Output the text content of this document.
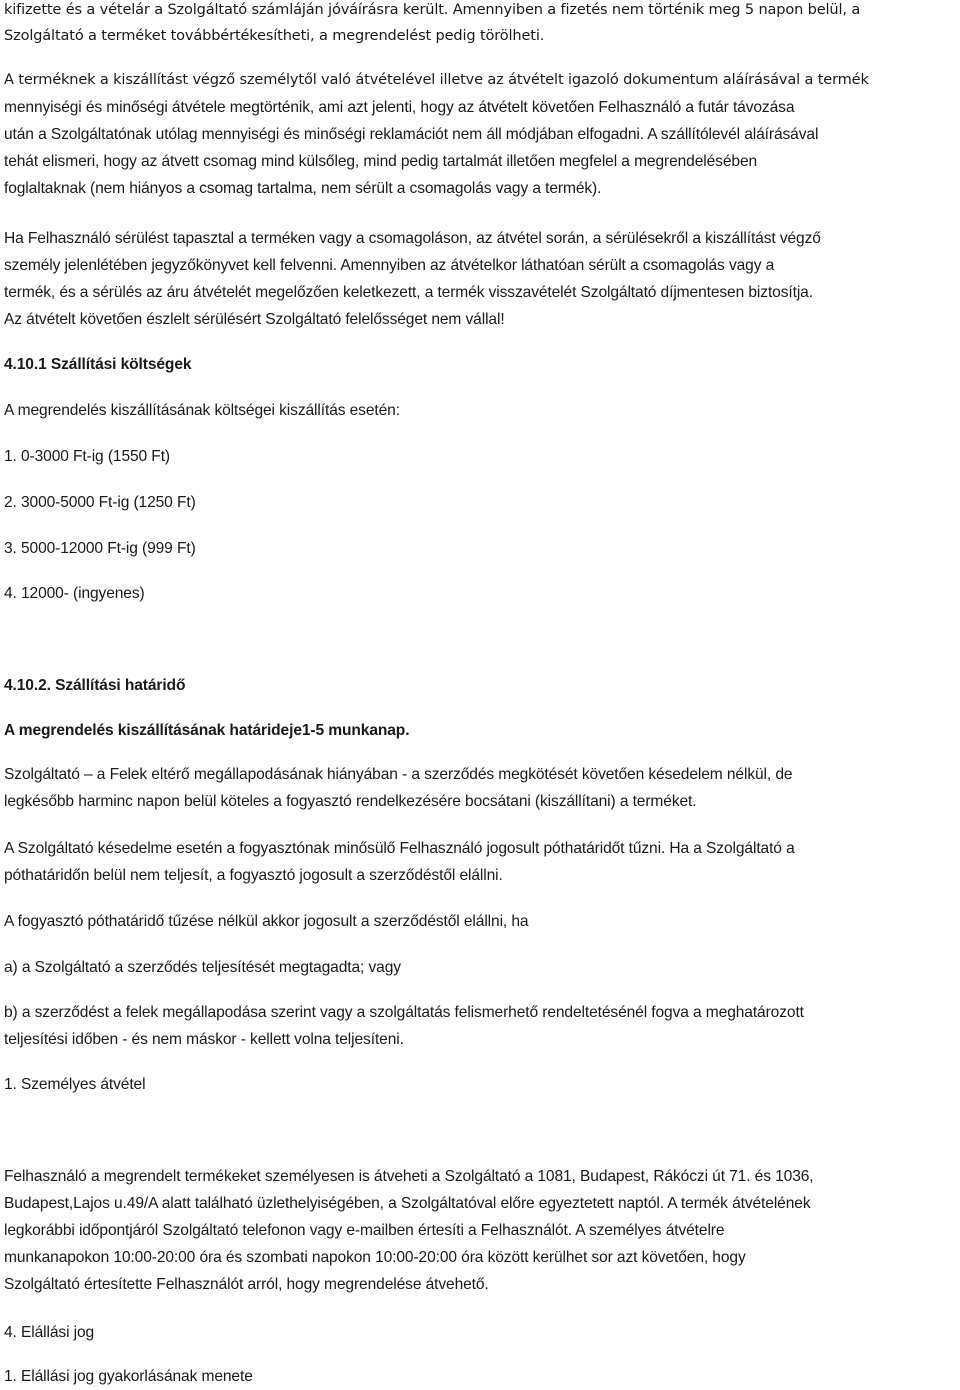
kifizette és a vételár a Szolgáltató számláján jóváírásra került. Amennyiben a fizetés nem történik meg 5 napon belül, a
Szolgáltató a terméket továbbértékesítheti, a megrendelést pedig törölheti.
A terméknek a kiszállítást végző személytől való átvételével illetve az átvételt igazoló dokumentum aláírásával a termék
mennyiségi és minőségi átvétele megtörténik, ami azt jelenti, hogy az átvételt követően Felhasználó a futár távozása
után a Szolgáltatónak utólag mennyiségi és minőségi reklamációt nem áll módjában elfogadni. A szállítólevél aláírásával
tehát elismeri, hogy az átvett csomag mind külsőleg, mind pedig tartalmát illetően megfelel a megrendelésében
foglaltaknak (nem hiányos a csomag tartalma, nem sérült a csomagolás vagy a termék).
Ha Felhasználó sérülést tapasztal a terméken vagy a csomagoláson, az átvétel során, a sérülésekről a kiszállítást végző
személy jelenlétében jegyzőkönyvet kell felvenni. Amennyiben az átvételkor láthatóan sérült a csomagolás vagy a
termék, és a sérülés az áru átvételét megelőzően keletkezett, a termék visszavételét Szolgáltató díjmentesen biztosítja.
Az átvételt követően észlelt sérülésért Szolgáltató felelősséget nem vállal!
4.10.1 Szállítási költségek
A megrendelés kiszállításának költségei kiszállítás esetén:
1. 0-3000 Ft-ig (1550 Ft)
2. 3000-5000 Ft-ig (1250 Ft)
3. 5000-12000 Ft-ig (999 Ft)
4. 12000- (ingyenes)
4.10.2. Szállítási határidő
A megrendelés kiszállításának határideje1-5 munkanap.
Szolgáltató – a Felek eltérő megállapodásának hiányában - a szerződés megkötését követően késedelem nélkül, de
legkésőbb harminc napon belül köteles a fogyasztó rendelkezésére bocsátani (kiszállítani) a terméket.
A Szolgáltató késedelme esetén a fogyasztónak minősülő Felhasználó jogosult póthatáridőt tűzni. Ha a Szolgáltató a
póthatáridőn belül nem teljesít, a fogyasztó jogosult a szerződéstől elállni.
A fogyasztó póthatáridő tűzése nélkül akkor jogosult a szerződéstől elállni, ha
a) a Szolgáltató a szerződés teljesítését megtagadta; vagy
b) a szerződést a felek megállapodása szerint vagy a szolgáltatás felismerhető rendeltetésénél fogva a meghatározott
teljesítési időben - és nem máskor - kellett volna teljesíteni.
1. Személyes átvétel
Felhasználó a megrendelt termékeket személyesen is átveheti a Szolgáltató a 1081, Budapest, Rákóczi út 71. és 1036,
Budapest,Lajos u.49/A alatt található üzlethelyiségében, a Szolgáltatóval előre egyeztetett naptól. A termék átvételének
legkorábbi időpontjáról Szolgáltató telefonon vagy e-mailben értesíti a Felhasználót. A személyes átvételre
munkanapokon 10:00-20:00 óra és szombati napokon 10:00-20:00 óra között kerülhet sor azt követően, hogy
Szolgáltató értesítette Felhasználót arról, hogy megrendelése átvehető.
4. Elállási jog
1. Elállási jog gyakorlásának menete
